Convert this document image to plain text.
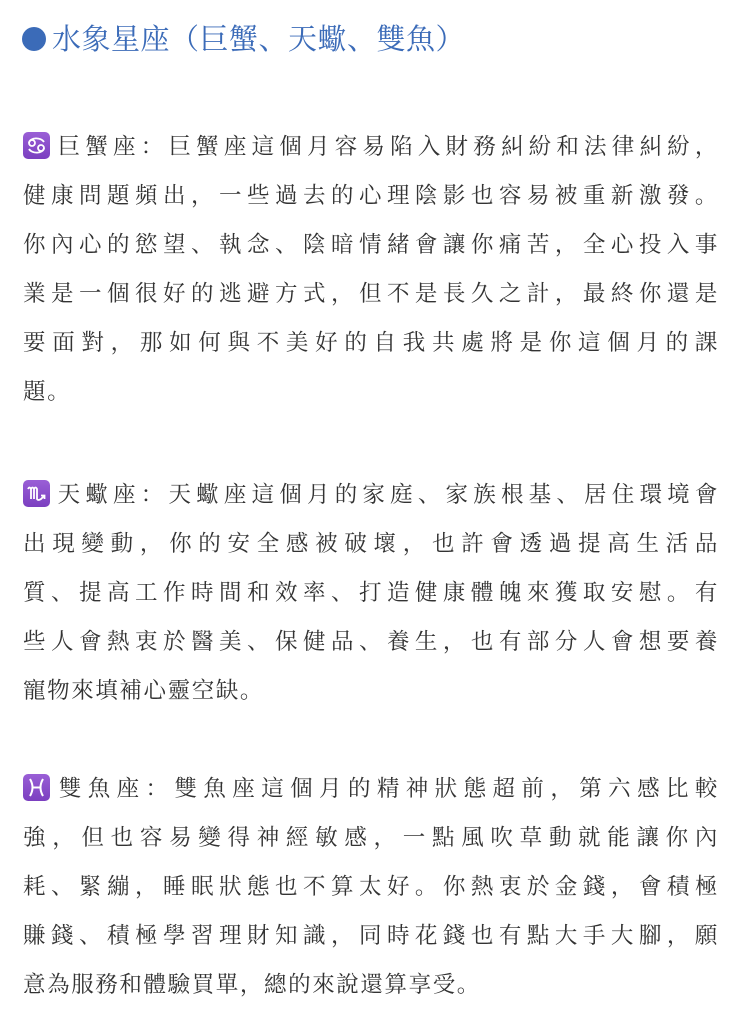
水象星座（巨蟹、天蠍、雙魚）
巨蟹座：巨蟹座這個月容易陷入財務糾紛和法律糾紛，
健康問題頻出，一些過去的心理陰影也容易被重新激發。
你內心的慾望、執念、陰暗情緒會讓你痛苦，全心投入事
業是一個很好的逃避方式，但不是長久之計，最終你還是
要面對，那如何與不美好的自我共處將是你這個月的課
題。
天蠍座：天蠍座這個月的家庭、家族根基、居住環境會
出現變動，你的安全感被破壞，也許會透過提高生活品
質、提高工作時間和效率、打造健康體魄來獲取安慰。有
些人會熱衷於醫美、保健品、養生，也有部分人會想要養
寵物來填補心靈空缺。
雙魚座：雙魚座這個月的精神狀態超前，第六感比較
強，但也容易變得神經敏感，一點風吹草動就能讓你內
耗、緊繃，睡眠狀態也不算太好。你熱衷於金錢，會積極
賺錢、積極學習理財知識，同時花錢也有點大手大腳，願
意為服務和體驗買單，總的來說還算享受。
